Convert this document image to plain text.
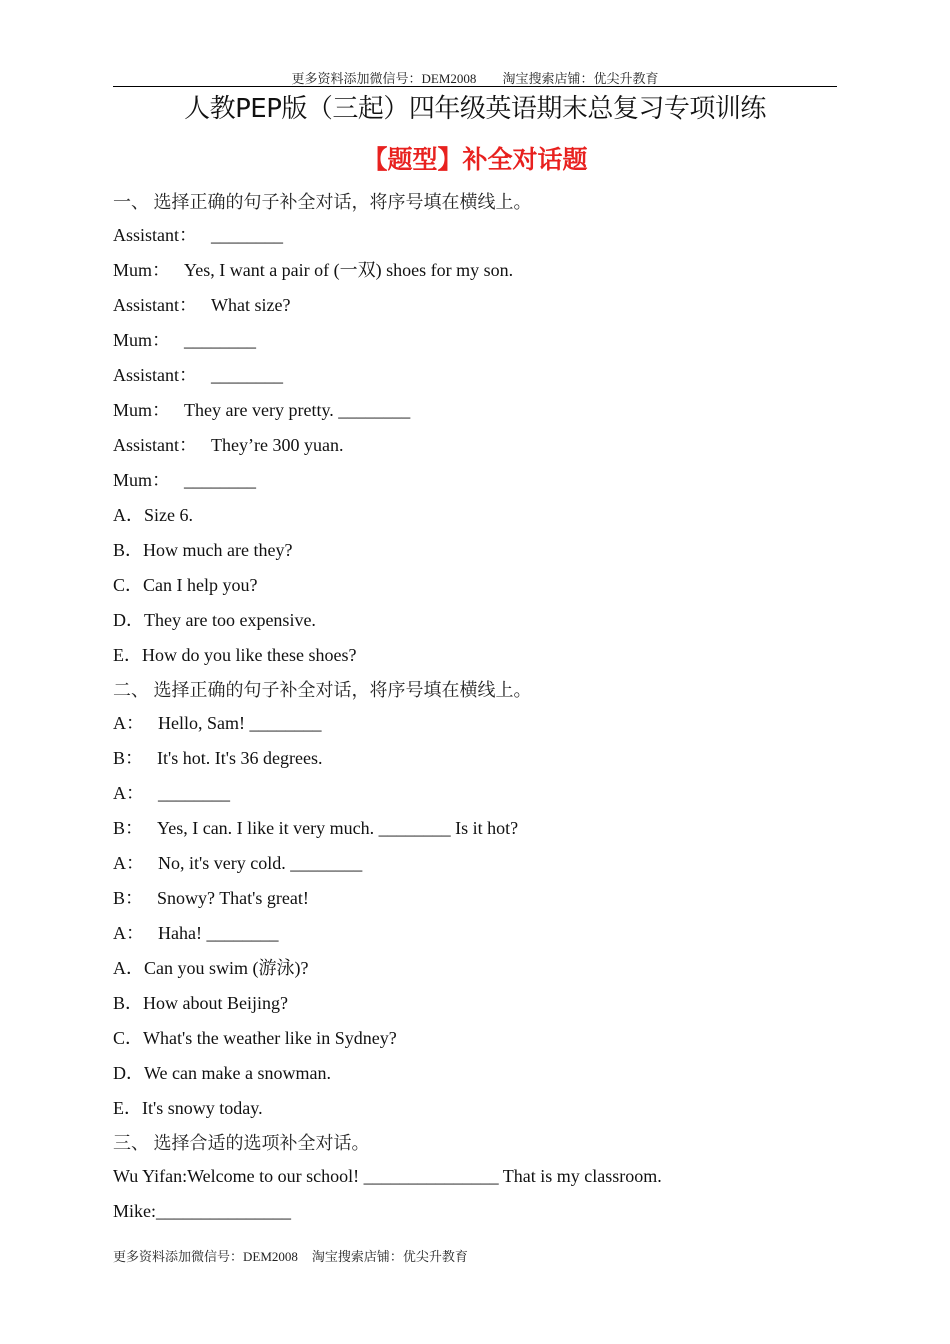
更多资料添加微信号：DEM2008 淘宝搜索店铺：优尖升教育
人教PEP版（三起）四年级英语期末总复习专项训练
【题型】补全对话题
一、 选择正确的句子补全对话，将序号填在横线上。
Assistant： ________
Mum： Yes, I want a pair of (一双) shoes for my son.
Assistant： What size?
Mum： ________
Assistant： ________
Mum： They are very pretty. ________
Assistant： They’re 300 yuan.
Mum： ________
A．Size 6.
B．How much are they?
C．Can I help you?
D．They are too expensive.
E．How do you like these shoes?
二、 选择正确的句子补全对话，将序号填在横线上。
A： Hello, Sam! ________
B： It's hot. It's 36 degrees.
A： ________
B： Yes, I can. I like it very much. ________ Is it hot?
A： No, it's very cold. ________
B： Snowy? That's great!
A： Haha! ________
A．Can you swim (游泳)?
B．How about Beijing?
C．What's the weather like in Sydney?
D．We can make a snowman.
E．It's snowy today.
三、 选择合适的选项补全对话。
Wu Yifan:Welcome to our school! _______________ That is my classroom.
Mike:_______________
更多资料添加微信号：DEM2008 淘宝搜索店铺：优尖升教育
